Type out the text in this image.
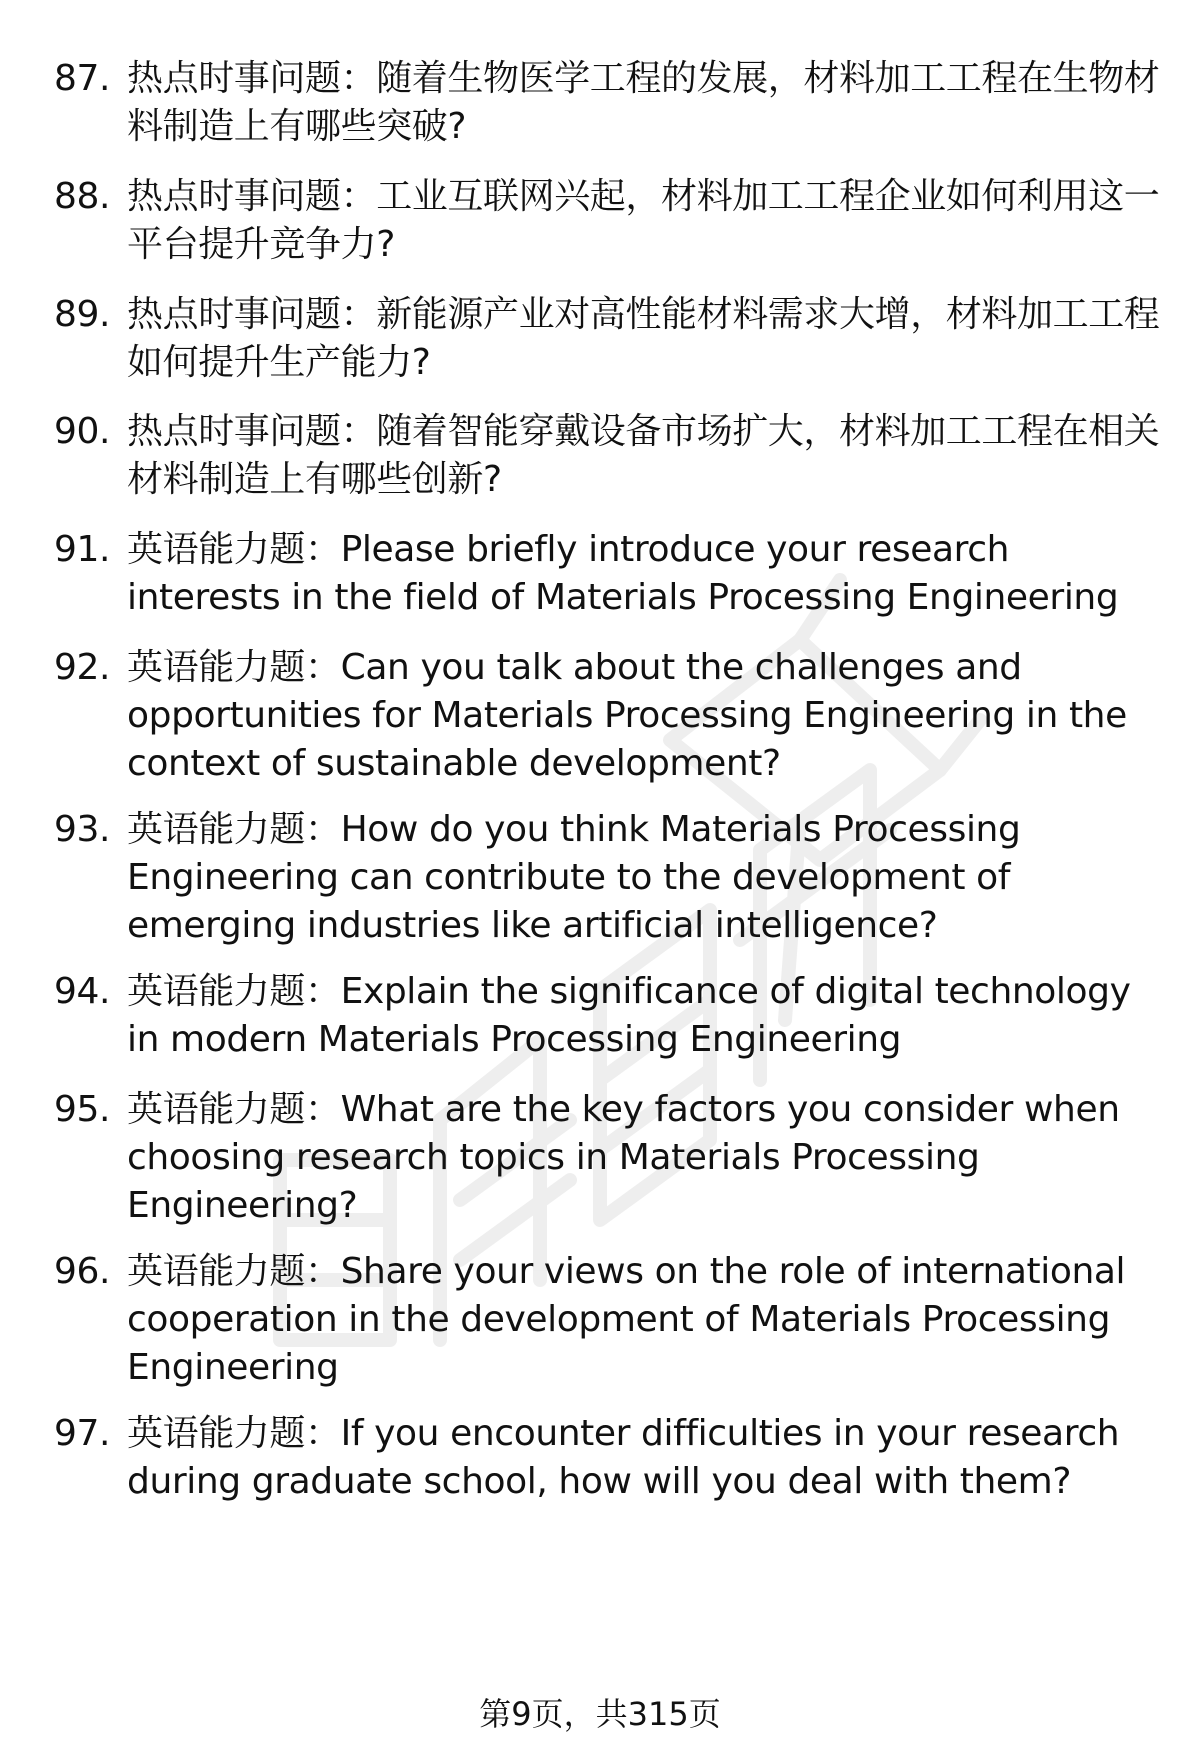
87. 热点时事问题：随着生物医学工程的发展，材料加工工程在生物材料制造上有哪些突破?
88. 热点时事问题：工业互联网兴起，材料加工工程企业如何利用这一平台提升竞争力?
89. 热点时事问题：新能源产业对高性能材料需求大增，材料加工工程如何提升生产能力?
90. 热点时事问题：随着智能穿戴设备市场扩大，材料加工工程在相关材料制造上有哪些创新?
91. 英语能力题：Please briefly introduce your research interests in the field of Materials Processing Engineering
92. 英语能力题：Can you talk about the challenges and opportunities for Materials Processing Engineering in the context of sustainable development?
93. 英语能力题：How do you think Materials Processing Engineering can contribute to the development of emerging industries like artificial intelligence?
94. 英语能力题：Explain the significance of digital technology in modern Materials Processing Engineering
95. 英语能力题：What are the key factors you consider when choosing research topics in Materials Processing Engineering?
96. 英语能力题：Share your views on the role of international cooperation in the development of Materials Processing Engineering
97. 英语能力题：If you encounter difficulties in your research during graduate school, how will you deal with them?
第9页，共315页
